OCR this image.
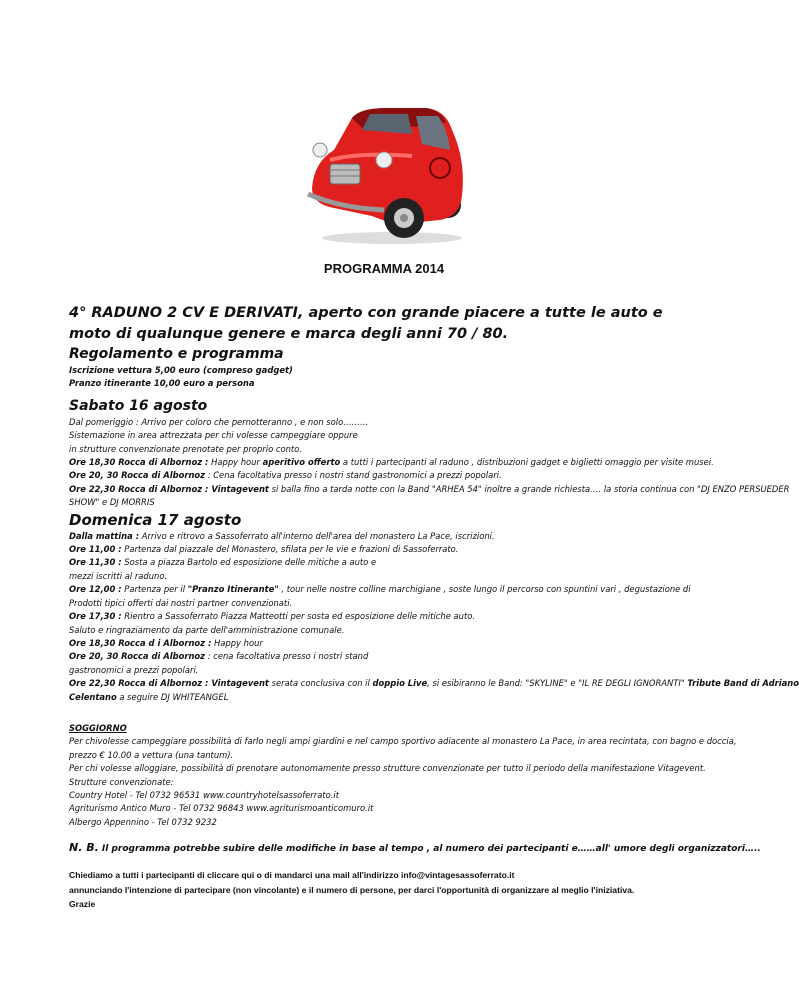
PROGRAMMA 2014

4° RADUNO 2 CV E DERIVATI, aperto con grande piacere a tutte le auto e moto di qualunque genere e marca degli anni 70 / 80.

Regolamento e programma

Iscrizione vettura 5,00 euro (compreso gadget)

Pranzo itinerante 10,00 euro a persona

Sabato 16 agosto

Dal pomeriggio : Arrivo per coloro che pernotteranno , e non solo………

Sistemazione in area attrezzata per chi volesse campeggiare oppure

in strutture convenzionate prenotate per proprio conto.

Ore 18,30 Rocca di Albornoz : Happy hour aperitivo offerto a tutti i partecipanti al raduno , distribuzioni gadget e biglietti omaggio per visite musei.

Ore 20, 30 Rocca di Albornoz : Cena facoltativa presso i nostri stand gastronomici a prezzi popolari.

Ore 22,30 Rocca di Albornoz : Vintagevent si balla fino a tarda notte con la Band "ARHEA 54" inoltre a grande richiesta…. la storia continua con "DJ ENZO PERSUEDER

SHOW" e DJ MORRIS

Domenica 17 agosto

Dalla mattina : Arrivo e ritrovo a Sassoferrato all'interno dell'area del monastero La Pace, iscrizioni.

Ore 11,00 : Partenza dal piazzale del Monastero, sfilata per le vie e frazioni di Sassoferrato.

Ore 11,30 : Sosta a piazza Bartolo ed esposizione delle mitiche a auto e

mezzi iscritti al raduno.

Ore 12,00 : Partenza per il "Pranzo Itinerante" , tour nelle nostre colline marchigiane , soste lungo il percorso con spuntini vari , degustazione di

Prodotti tipici offerti dai nostri partner convenzionati.

Ore 17,30 : Rientro a Sassoferrato Piazza Matteotti per sosta ed esposizione delle mitiche auto.

Saluto e ringraziamento da parte dell'amministrazione comunale.

Ore 18,30 Rocca d i Albornoz : Happy hour

Ore 20, 30 Rocca di Albornoz : cena facoltativa presso i nostri stand

gastronomici a prezzi popolari.

Ore 22,30 Rocca di Albornoz : Vintagevent serata conclusiva con il doppio Live, si esibiranno le Band: "SKYLINE" e "IL RE DEGLI IGNORANTI" Tribute Band di Adriano

Celentano a seguire DJ WHITEANGEL

SOGGIORNO

Per chivolesse campeggiare possibilità di farlo negli ampi giardini e nel campo sportivo adiacente al monastero La Pace, in area recintata, con bagno e doccia,

prezzo € 10.00 a vettura (una tantum).

Per chi volesse alloggiare, possibilità di prenotare autonomamente presso strutture convenzionate per tutto il periodo della manifestazione Vitagevent.

Strutture convenzionate:

Country Hotel - Tel 0732 96531 www.countryhotelsassoferrato.it

Agriturismo Antico Muro - Tel 0732 96843 www.agriturismoanticomuro.it

Albergo Appennino - Tel 0732 9232

N. B. Il programma potrebbe subire delle modifiche in base al tempo , al numero dei partecipanti e……all' umore degli organizzatori…..

Chiediamo a tutti i partecipanti di cliccare qui o di mandarci una mail all'indirizzo info@vintagesassoferrato.it

annunciando l'intenzione di partecipare (non vincolante) e il numero di persone, per darci l'opportunità di organizzare al meglio l'iniziativa.

Grazie
